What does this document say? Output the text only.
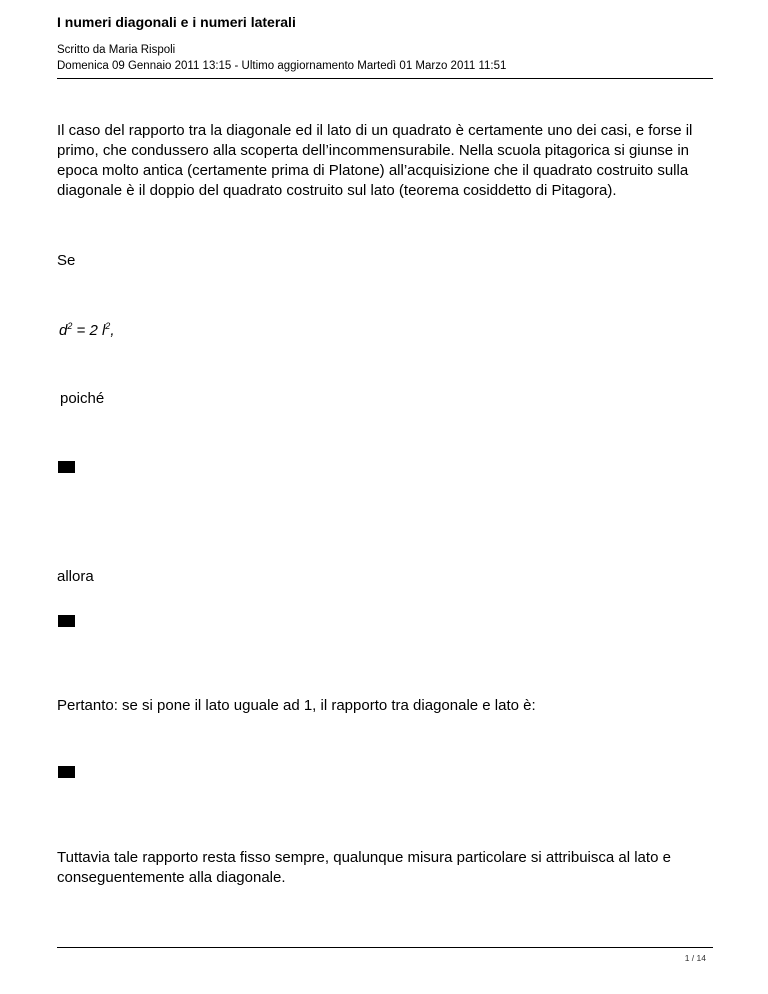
I numeri diagonali e i numeri laterali
Scritto da Maria Rispoli
Domenica 09 Gennaio 2011 13:15 - Ultimo aggiornamento Martedì 01 Marzo 2011 11:51
Il caso del rapporto tra la diagonale ed il lato di un quadrato è certamente uno dei casi, e forse il primo, che condussero alla scoperta dell’incommensurabile. Nella scuola pitagorica si giunse in epoca molto antica (certamente prima di Platone) all’acquisizione che il quadrato costruito sulla diagonale è il doppio del quadrato costruito sul lato (teorema cosiddetto di Pitagora).
Se
$d^2 = 2$ $l^2$,
poiché
allora
Pertanto: se si pone il lato uguale ad 1, il rapporto tra diagonale e lato è:
Tuttavia tale rapporto resta fisso sempre, qualunque misura particolare si attribuisca al lato e conseguentemente alla diagonale.
1 / 14
